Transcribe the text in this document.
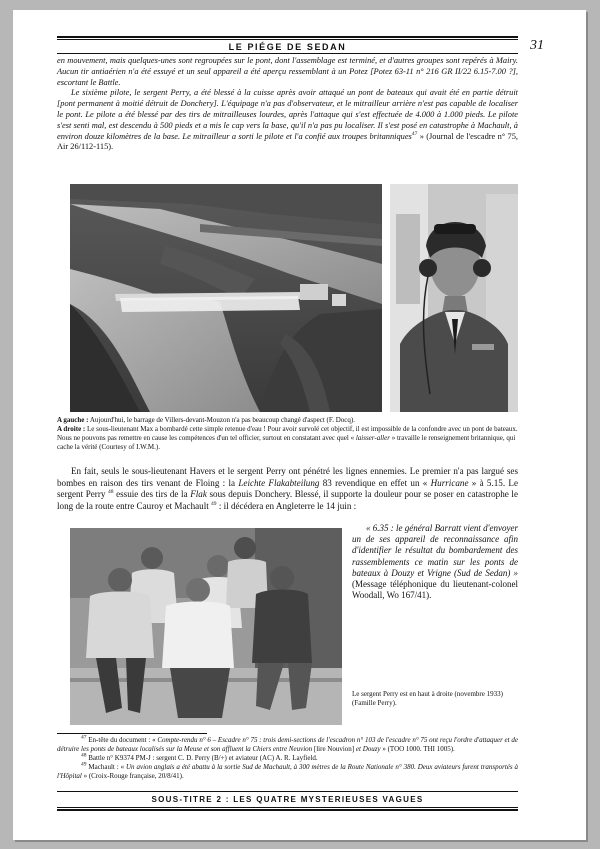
LE PIÉGE DE SEDAN	31

en mouvement, mais quelques-unes sont regroupées sur le pont, dont l'assemblage est terminé, et d'autres groupes sont repérés à Mairy. Aucun tir antiaérien n'a été essuyé et un seul appareil a été aperçu ressemblant à un Potez [Potez 63-11 n° 216 GR II/22 6.15-7.00 ?], escortant le Battle.

Le sixième pilote, le sergent Perry, a été blessé à la cuisse après avoir attaqué un pont de bateaux qui avait été en partie détruit [pont permanent à moitié détruit de Donchery]. L'équipage n'a pas d'observateur, et le mitrailleur arrière n'est pas capable de localiser le pont. Le pilote a été blessé par des tirs de mitrailleuses lourdes, après l'attaque qui s'est effectuée de 4.000 à 1.000 pieds. Le pilote s'est senti mal, est descendu à 500 pieds et a mis le cap vers la base, qu'il n'a pas pu localiser. Il s'est posé en catastrophe à Machault, à environ douze kilomètres de la base. Le mitrailleur a sorti le pilote et l'a confié aux troupes britanniques$^{47}$ » (Journal de l'escadre n° 75, Air 26/112-115).

A gauche : Aujourd'hui, le barrage de Villers-devant-Mouzon n'a pas beaucoup changé d'aspect (F. Docq).
A droite : Le sous-lieutenant Max a bombardé cette simple retenue d'eau ! Pour avoir survolé cet objectif, il est impossible de la confondre avec un pont de bateaux. Nous ne pouvons pas remettre en cause les compétences d'un tel officier, surtout en constatant avec quel « laisser-aller » travaille le renseignement britannique, qui cache la vérité (Courtesy of I.W.M.).

En fait, seuls le sous-lieutenant Havers et le sergent Perry ont pénétré les lignes ennemies. Le premier n'a pas largué ses bombes en raison des tirs venant de Floing : la Leichte Flakabteilung 83 revendique en effet un « Hurricane » à 5.15. Le sergent Perry $^{48}$ essuie des tirs de la Flak sous depuis Donchery. Blessé, il supporte la douleur pour se poser en catastrophe le long de la route entre Cauroy et Machault $^{49}$ : il décédera en Angleterre le 14 juin :

« 6.35 : le général Barratt vient d'envoyer un de ses appareil de reconnaissance afin d'identifier le résultat du bombardement des rassemblements ce matin sur les ponts de bateaux à Douzy et Vrigne (Sud de Sedan) » (Message téléphonique du lieutenant-colonel Woodall, Wo 167/41).

Le sergent Perry est en haut à droite (novembre 1933) (Famille Perry).

$^{47}$ En-tête du document : « Compte-rendu n° 6 – Escadre n° 75 : trois demi-sections de l'escadron n° 103 de l'escadre n° 75 ont reçu l'ordre d'attaquer et de détruire les ponts de bateaux localisés sur la Meuse et son affluent la Chiers entre Neuvion [lire Nouvion] et Douzy » (TOO 1000. THI 1005).

$^{48}$ Battle n° K9374 PM-J : sergent C. D. Perry (B/+) et aviateur (AC) A. R. Layfield.

$^{49}$ Machault : « Un avion anglais a été abattu à la sortie Sud de Machault, à 300 mètres de la Route Nationale n° 380. Deux aviateurs furent transportés à l'Hôpital » (Croix-Rouge française, 20/8/41).

SOUS-TITRE 2 : LES QUATRE MYSTERIEUSES VAGUES
